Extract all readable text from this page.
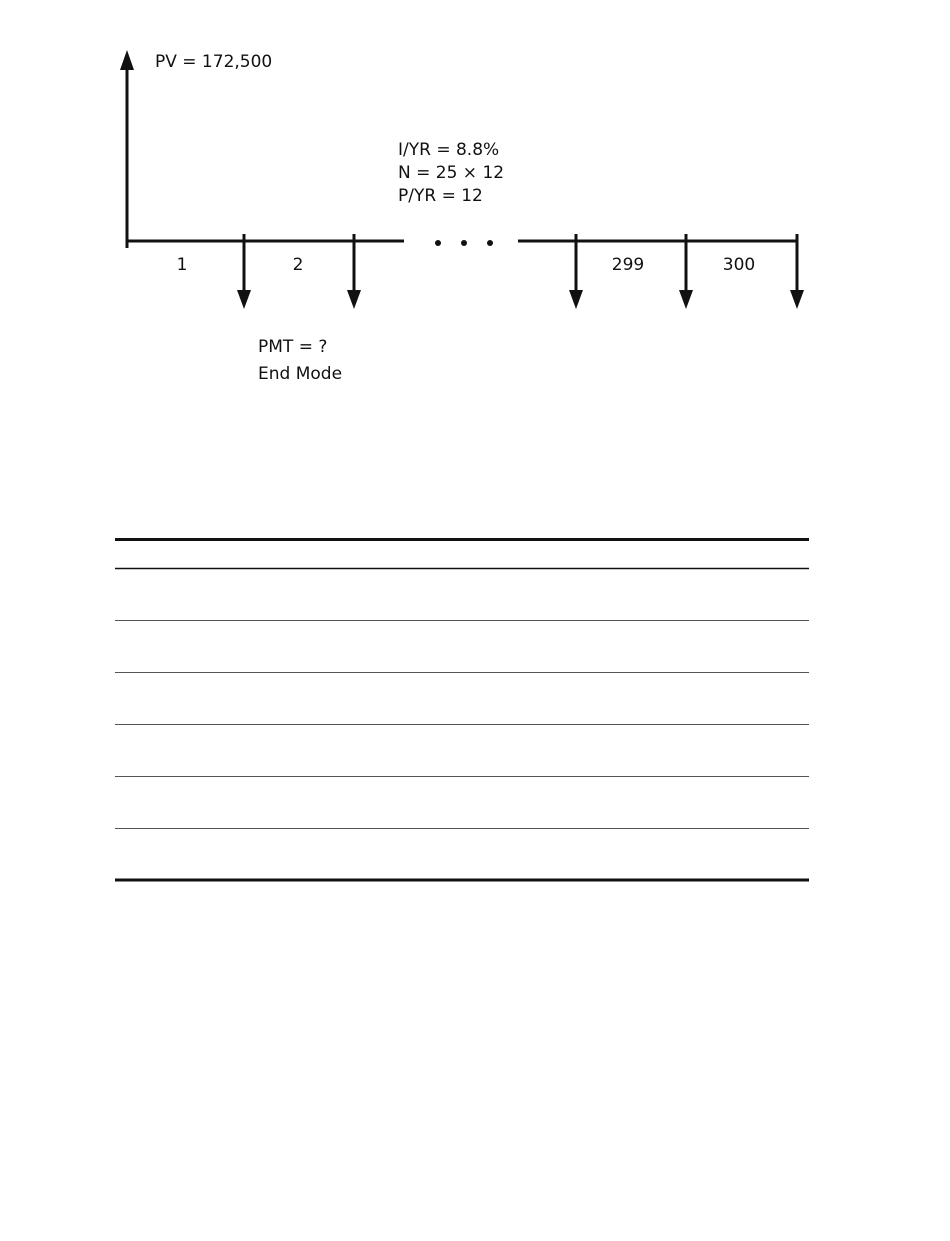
PV = 172,500
I/YR = 8.8%
N = 25 × 12
P/YR = 12
1	2	299	300
PMT = ?
End Mode
